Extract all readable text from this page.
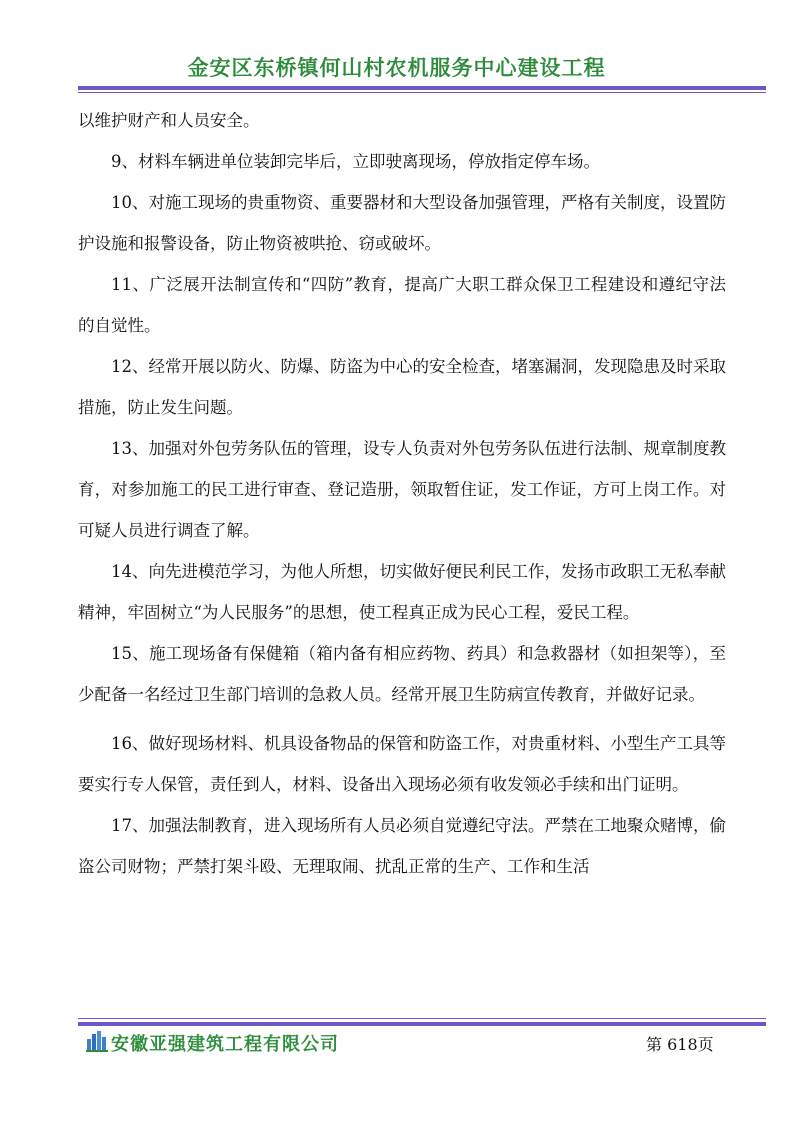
金安区东桥镇何山村农机服务中心建设工程

以维护财产和人员安全。

9、材料车辆进单位装卸完毕后，立即驶离现场，停放指定停车场。

10、对施工现场的贵重物资、重要器材和大型设备加强管理，严格有关制度，设置防护设施和报警设备，防止物资被哄抢、窃或破坏。

11、广泛展开法制宣传和“四防”教育，提高广大职工群众保卫工程建设和遵纪守法的自觉性。

12、经常开展以防火、防爆、防盗为中心的安全检查，堵塞漏洞，发现隐患及时采取措施，防止发生问题。

13、加强对外包劳务队伍的管理，设专人负责对外包劳务队伍进行法制、规章制度教育，对参加施工的民工进行审查、登记造册，领取暂住证，发工作证，方可上岗工作。对可疑人员进行调查了解。

14、向先进模范学习，为他人所想，切实做好便民利民工作，发扬市政职工无私奉献精神，牢固树立“为人民服务”的思想，使工程真正成为民心工程，爱民工程。

15、施工现场备有保健箱（箱内备有相应药物、药具）和急救器材（如担架等），至少配备一名经过卫生部门培训的急救人员。经常开展卫生防病宣传教育，并做好记录。

16、做好现场材料、机具设备物品的保管和防盗工作，对贵重材料、小型生产工具等要实行专人保管，责任到人，材料、设备出入现场必须有收发领必手续和出门证明。

17、加强法制教育，进入现场所有人员必须自觉遵纪守法。严禁在工地聚众赌博，偷盗公司财物；严禁打架斗殴、无理取闹、扰乱正常的生产、工作和生活

安徽亚强建筑工程有限公司	第 618页
